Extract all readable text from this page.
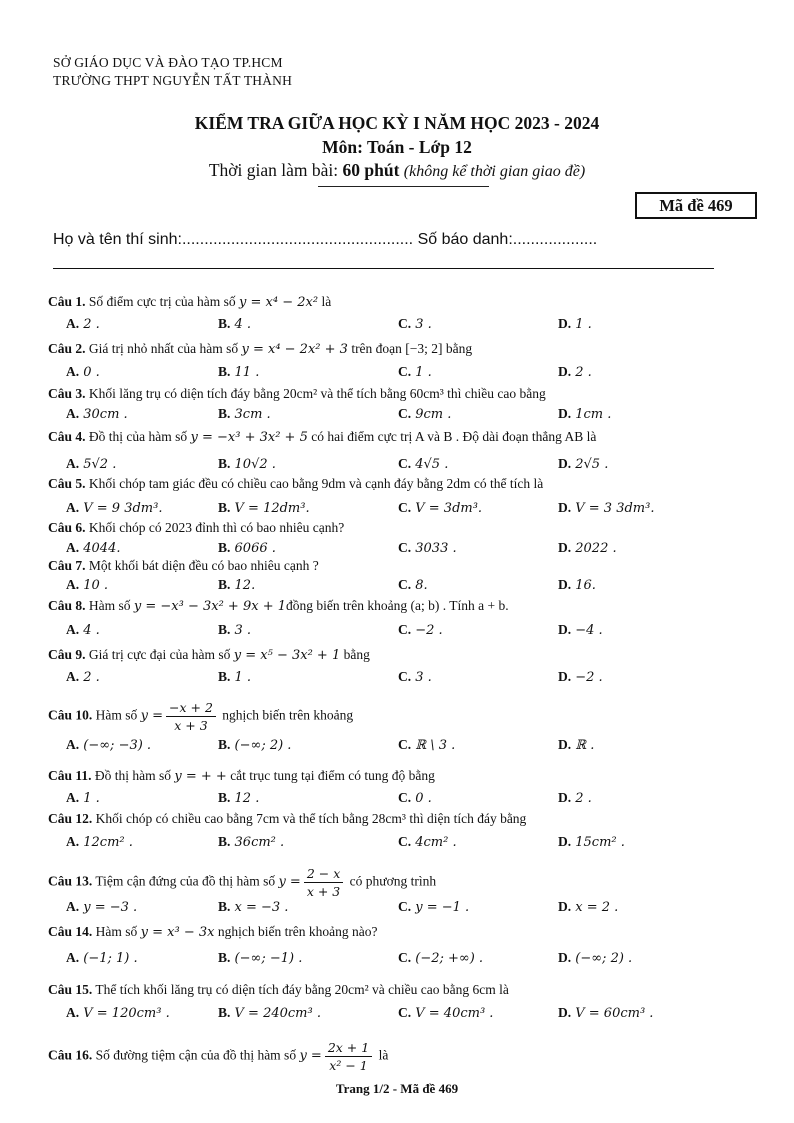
SỞ GIÁO DỤC VÀ ĐÀO TẠO TP.HCM
TRƯỜNG THPT NGUYỄN TẤT THÀNH
KIỂM TRA GIỮA HỌC KỲ I NĂM HỌC 2023 - 2024
Môn: Toán - Lớp 12
Thời gian làm bài: 60 phút (không kể thời gian giao đề)
Mã đề 469
Họ và tên thí sinh:.................................................... Số báo danh:...................
Câu 1. Số điểm cực trị của hàm số y = x⁴ − 2x² là
A. 2 .	B. 4 .	C. 3 .	D. 1 .
Câu 2. Giá trị nhỏ nhất của hàm số y = x⁴ − 2x² + 3 trên đoạn [−3; 2] bằng
A. 0 .	B. 11 .	C. 1 .	D. 2 .
Câu 3. Khối lăng trụ có diện tích đáy bằng 20cm² và thể tích bằng 60cm³ thì chiều cao bằng
A. 30cm .	B. 3cm .	C. 9cm .	D. 1cm .
Câu 4. Đồ thị của hàm số y = −x³ + 3x² + 5 có hai điểm cực trị A và B . Độ dài đoạn thẳng AB là
A. 5√2 .	B. 10√2 .	C. 4√5 .	D. 2√5 .
Câu 5. Khối chóp tam giác đều có chiều cao bằng 9dm và cạnh đáy bằng 2dm có thể tích là
A. V = 9 3dm³.	B. V = 12dm³.	C. V = 3dm³.	D. V = 3 3dm³.
Câu 6. Khối chóp có 2023 đỉnh thì có bao nhiêu cạnh?
A. 4044.	B. 6066 .	C. 3033 .	D. 2022 .
Câu 7. Một khối bát diện đều có bao nhiêu cạnh ?
A. 10 .	B. 12.	C. 8.	D. 16.
Câu 8. Hàm số y = −x³ − 3x² + 9x + 1đồng biến trên khoảng (a; b) . Tính a + b.
A. 4 .	B. 3 .	C. −2 .	D. −4 .
Câu 9. Giá trị cực đại của hàm số y = x⁵ − 3x² + 1 bằng
A. 2 .	B. 1 .	C. 3 .	D. −2 .
Câu 10. Hàm số $y = \frac{-x + 2}{x + 3}$ nghịch biến trên khoảng
A. (−∞; −3) .	B. (−∞; 2) .	C. ℝ \ 3 .	D. ℝ .
Câu 11. Đồ thị hàm số y = + + cắt trục tung tại điểm có tung độ bằng
A. 1 .	B. 12 .	C. 0 .	D. 2 .
Câu 12. Khối chóp có chiều cao bằng 7cm và thể tích bằng 28cm³ thì diện tích đáy bằng
A. 12cm² .	B. 36cm² .	C. 4cm² .	D. 15cm² .
Câu 13. Tiệm cận đứng của đồ thị hàm số $y = \frac{2 - x}{x + 3}$ có phương trình
A. y = −3 .	B. x = −3 .	C. y = −1 .	D. x = 2 .
Câu 14. Hàm số y = x³ − 3x nghịch biến trên khoảng nào?
A. (−1; 1) .	B. (−∞; −1) .	C. (−2; +∞) .	D. (−∞; 2) .
Câu 15. Thể tích khối lăng trụ có diện tích đáy bằng 20cm² và chiều cao bằng 6cm là
A. V = 120cm³ .	B. V = 240cm³ .	C. V = 40cm³ .	D. V = 60cm³ .
Câu 16. Số đường tiệm cận của đồ thị hàm số $y = \frac{2x + 1}{\text{x² − 1}}$ là
Trang 1/2 - Mã đề 469
